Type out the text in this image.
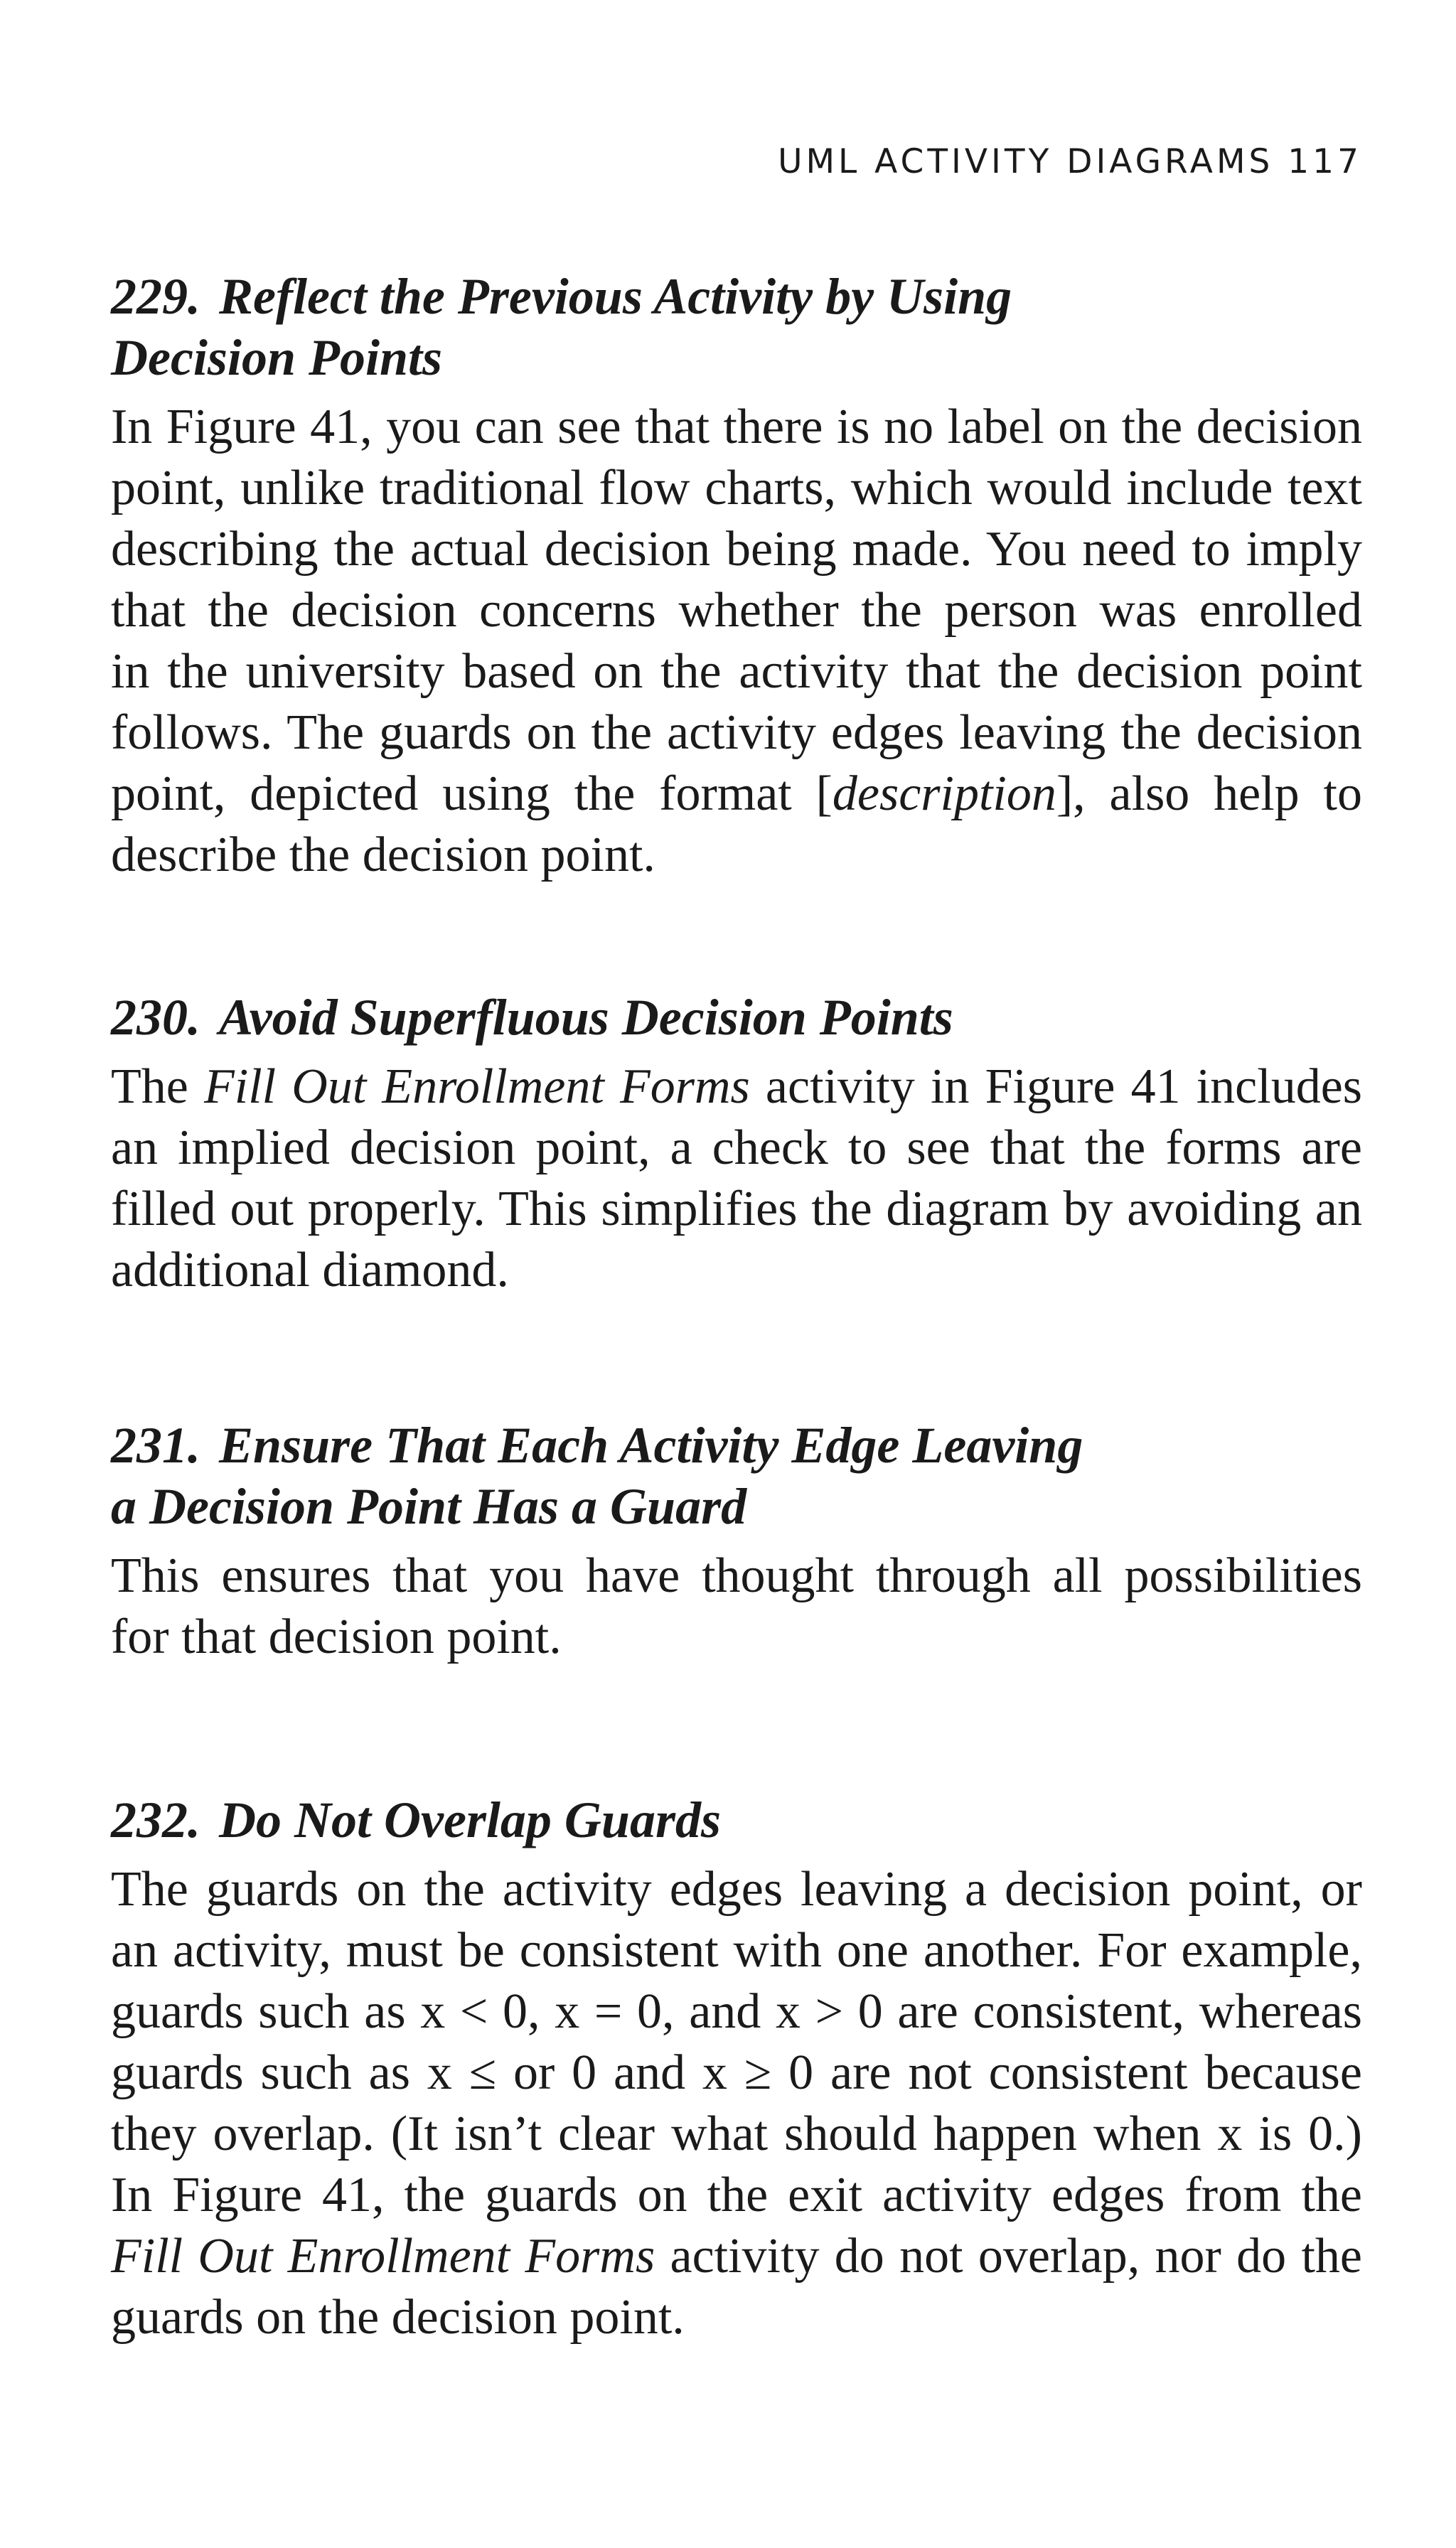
UML ACTIVITY DIAGRAMS 117
229. Reflect the Previous Activity by Using
Decision Points

In Figure 41, you can see that there is no label on the decision
point, unlike traditional flow charts, which would include text
describing the actual decision being made. You need to imply
that the decision concerns whether the person was enrolled
in the university based on the activity that the decision point
follows. The guards on the activity edges leaving the decision
point, depicted using the format [description], also help to
describe the decision point.

230. Avoid Superfluous Decision Points

The Fill Out Enrollment Forms activity in Figure 41 includes
an implied decision point, a check to see that the forms are
filled out properly. This simplifies the diagram by avoiding an
additional diamond.

231. Ensure That Each Activity Edge Leaving
a Decision Point Has a Guard

This ensures that you have thought through all possibilities
for that decision point.

232. Do Not Overlap Guards

The guards on the activity edges leaving a decision point, or
an activity, must be consistent with one another. For example,
guards such as x < 0, x = 0, and x > 0 are consistent, whereas
guards such as x ≤ or 0 and x ≥ 0 are not consistent because
they overlap. (It isn’t clear what should happen when x is 0.)
In Figure 41, the guards on the exit activity edges from the
Fill Out Enrollment Forms activity do not overlap, nor do the
guards on the decision point.
